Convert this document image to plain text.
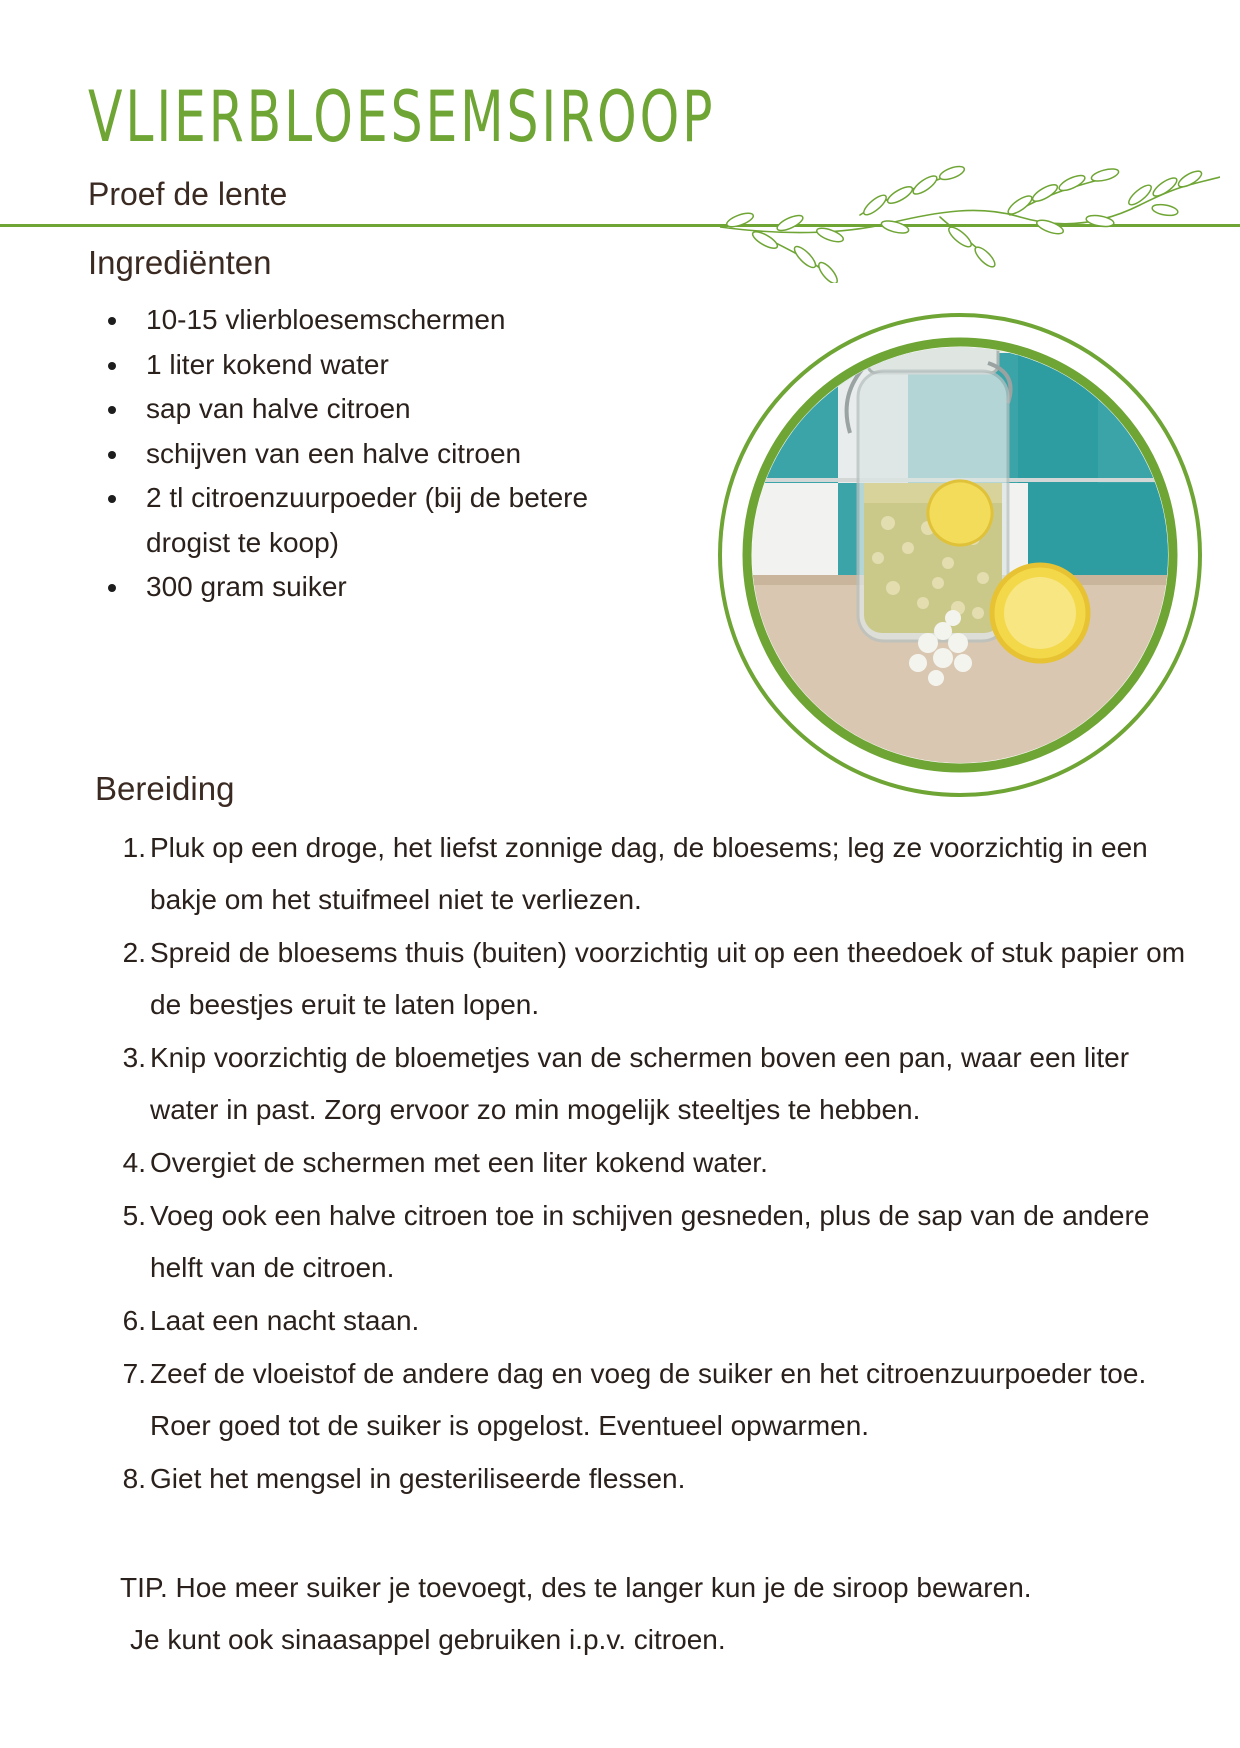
VLIERBLOESEMSIROOP
Proef de lente
Ingrediënten
10-15 vlierbloesemschermen
1 liter kokend water
sap van halve citroen
schijven van een halve citroen
2 tl citroenzuurpoeder (bij de betere drogist te koop)
300 gram suiker
Bereiding
1. Pluk op een droge, het liefst zonnige dag, de bloesems; leg ze voorzichtig in een bakje om het stuifmeel niet te verliezen.
2. Spreid de bloesems thuis (buiten) voorzichtig uit op een theedoek of stuk papier om de beestjes eruit te laten lopen.
3. Knip voorzichtig de bloemetjes van de schermen boven een pan, waar een liter water in past. Zorg ervoor zo min mogelijk steeltjes te hebben.
4. Overgiet de schermen met een liter kokend water.
5. Voeg ook een halve citroen toe in schijven gesneden, plus de sap van de andere helft van de citroen.
6. Laat een nacht staan.
7. Zeef de vloeistof de andere dag en voeg de suiker en het citroenzuurpoeder toe. Roer goed tot de suiker is opgelost. Eventueel opwarmen.
8. Giet het mengsel in gesteriliseerde flessen.
TIP. Hoe meer suiker je toevoegt, des te langer kun je de siroop bewaren.
Je kunt ook sinaasappel gebruiken i.p.v. citroen.
